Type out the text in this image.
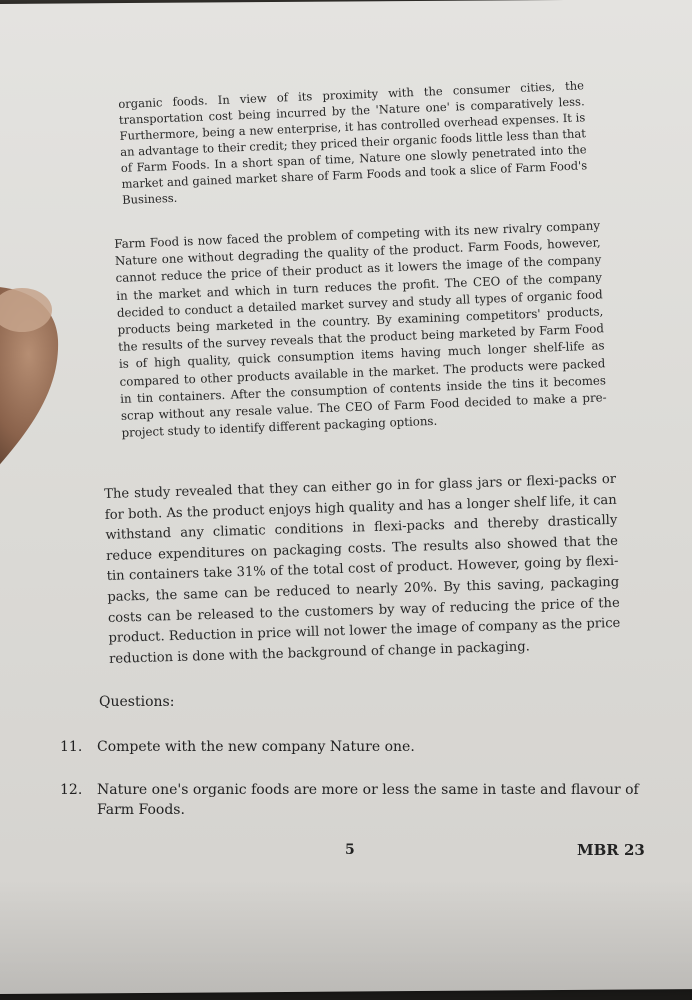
organic foods. In view of its proximity with the consumer cities, the transportation cost being incurred by the 'Nature one' is comparatively less. Furthermore, being a new enterprise, it has controlled overhead expenses. It is an advantage to their credit; they priced their organic foods little less than that of Farm Foods. In a short span of time, Nature one slowly penetrated into the market and gained market share of Farm Foods and took a slice of Farm Food's Business.

Farm Food is now faced the problem of competing with its new rivalry company Nature one without degrading the quality of the product. Farm Foods, however, cannot reduce the price of their product as it lowers the image of the company in the market and which in turn reduces the profit. The CEO of the company decided to conduct a detailed market survey and study all types of organic food products being marketed in the country. By examining competitors' products, the results of the survey reveals that the product being marketed by Farm Food is of high quality, quick consumption items having much longer shelf-life as compared to other products available in the market. The products were packed in tin containers. After the consumption of contents inside the tins it becomes scrap without any resale value. The CEO of Farm Food decided to make a pre-project study to identify different packaging options.

The study revealed that they can either go in for glass jars or flexi-packs or for both. As the product enjoys high quality and has a longer shelf life, it can withstand any climatic conditions in flexi-packs and thereby drastically reduce expenditures on packaging costs. The results also showed that the tin containers take 31% of the total cost of product. However, going by flexi-packs, the same can be reduced to nearly 20%. By this saving, packaging costs can be released to the customers by way of reducing the price of the product. Reduction in price will not lower the image of company as the price reduction is done with the background of change in packaging.

Questions:
11.	Compete with the new company Nature one.
12.	Nature one's organic foods are more or less the same in taste and flavour of Farm Foods.
5	MBR 23
